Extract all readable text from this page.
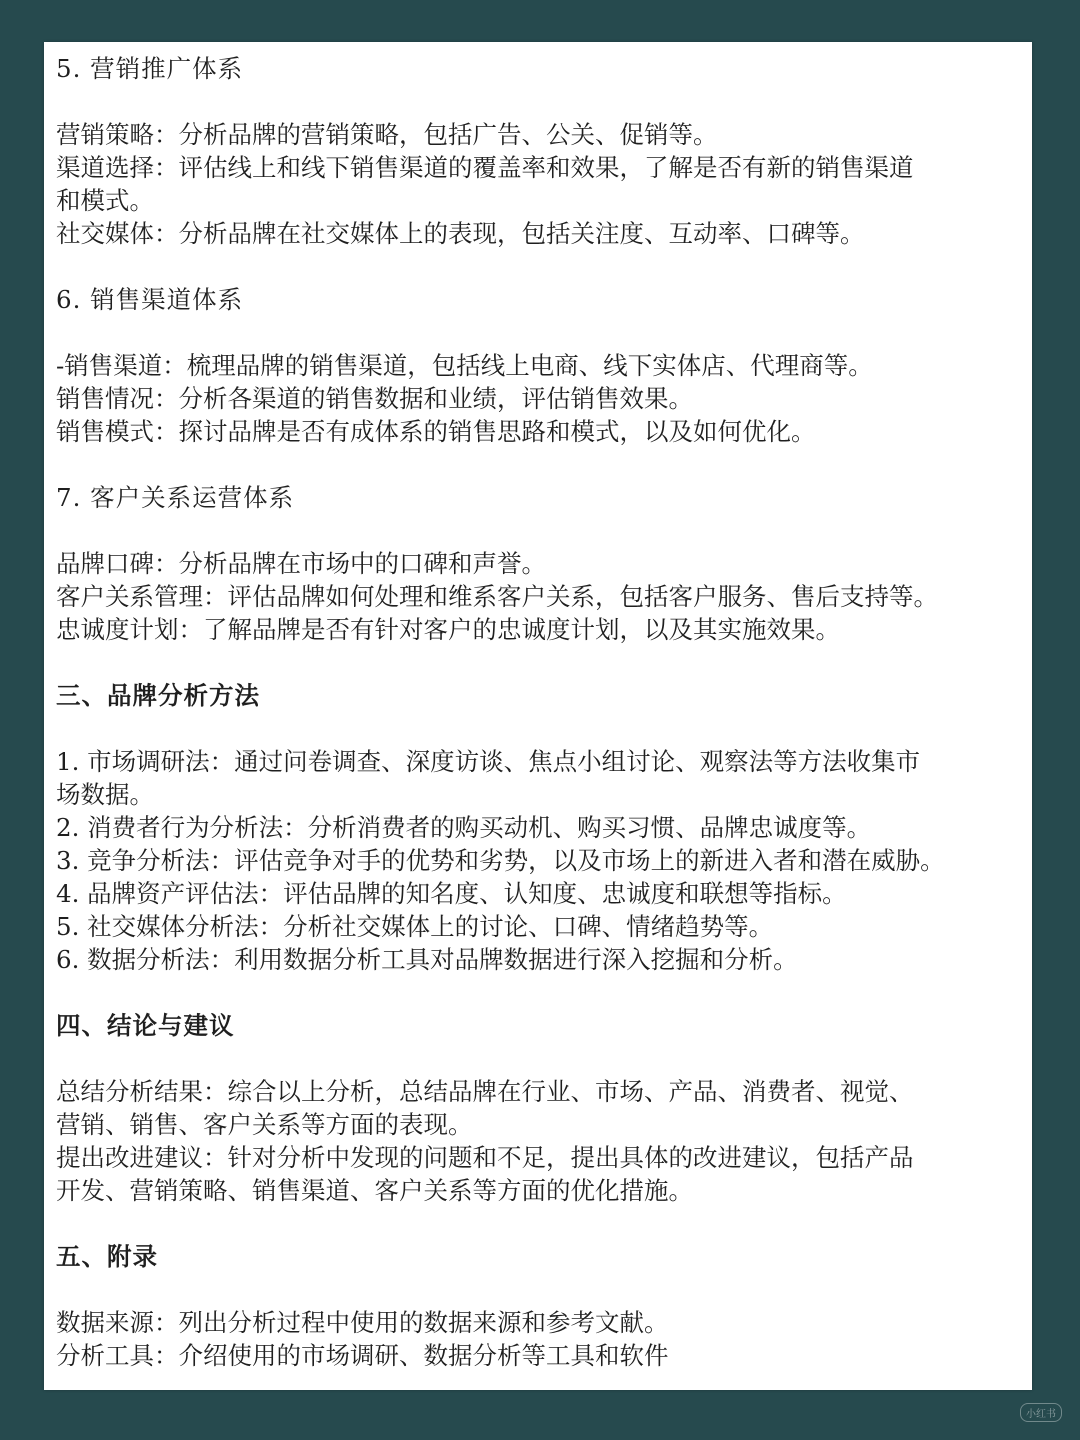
5. 营销推广体系
营销策略：分析品牌的营销策略，包括广告、公关、促销等。
渠道选择：评估线上和线下销售渠道的覆盖率和效果，了解是否有新的销售渠道
和模式。
社交媒体：分析品牌在社交媒体上的表现，包括关注度、互动率、口碑等。
6. 销售渠道体系
-销售渠道：梳理品牌的销售渠道，包括线上电商、线下实体店、代理商等。
销售情况：分析各渠道的销售数据和业绩，评估销售效果。
销售模式：探讨品牌是否有成体系的销售思路和模式，以及如何优化。
7. 客户关系运营体系
品牌口碑：分析品牌在市场中的口碑和声誉。
客户关系管理：评估品牌如何处理和维系客户关系，包括客户服务、售后支持等。
忠诚度计划：了解品牌是否有针对客户的忠诚度计划，以及其实施效果。
三、品牌分析方法
1. 市场调研法：通过问卷调查、深度访谈、焦点小组讨论、观察法等方法收集市
场数据。
2. 消费者行为分析法：分析消费者的购买动机、购买习惯、品牌忠诚度等。
3. 竞争分析法：评估竞争对手的优势和劣势，以及市场上的新进入者和潜在威胁。
4. 品牌资产评估法：评估品牌的知名度、认知度、忠诚度和联想等指标。
5. 社交媒体分析法：分析社交媒体上的讨论、口碑、情绪趋势等。
6. 数据分析法：利用数据分析工具对品牌数据进行深入挖掘和分析。
四、结论与建议
总结分析结果：综合以上分析，总结品牌在行业、市场、产品、消费者、视觉、
营销、销售、客户关系等方面的表现。
提出改进建议：针对分析中发现的问题和不足，提出具体的改进建议，包括产品
开发、营销策略、销售渠道、客户关系等方面的优化措施。
五、附录
数据来源：列出分析过程中使用的数据来源和参考文献。
分析工具：介绍使用的市场调研、数据分析等工具和软件
小红书
